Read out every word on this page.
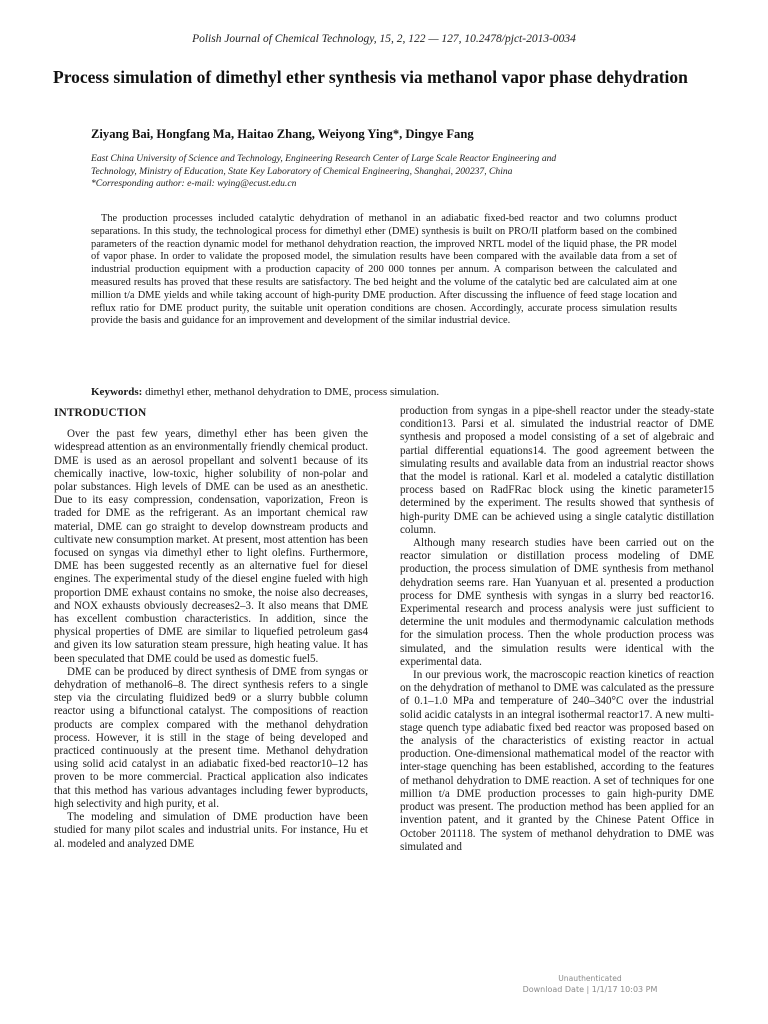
Polish Journal of Chemical Technology, 15, 2, 122 — 127, 10.2478/pjct-2013-0034
Process simulation of dimethyl ether synthesis via methanol vapor phase dehydration
Ziyang Bai, Hongfang Ma, Haitao Zhang, Weiyong Ying*, Dingye Fang
East China University of Science and Technology, Engineering Research Center of Large Scale Reactor Engineering and
Technology, Ministry of Education, State Key Laboratory of Chemical Engineering, Shanghai, 200237, China
*Corresponding author: e-mail: wying@ecust.edu.cn

The production processes included catalytic dehydration of methanol in an adiabatic fixed-bed reactor and two columns product separations. In this study, the technological process for dimethyl ether (DME) synthesis is built on PRO/II platform based on the combined parameters of the reaction dynamic model for methanol dehydration reaction, the improved NRTL model of the liquid phase, the PR model of vapor phase. In order to validate the proposed model, the simulation results have been compared with the available data from a set of industrial production equipment with a production capacity of 200 000 tonnes per annum. A comparison between the calculated and measured results has proved that these results are satisfactory. The bed height and the volume of the catalytic bed are calculated aim at one million t/a DME yields and while taking account of high-purity DME production. After discussing the influence of feed stage location and reflux ratio for DME product purity, the suitable unit operation conditions are chosen. Accordingly, accurate process simulation results provide the basis and guidance for an improvement and development of the similar industrial device.

Keywords: dimethyl ether, methanol dehydration to DME, process simulation.
INTRODUCTION

Over the past few years, dimethyl ether has been given the widespread attention as an environmentally friendly chemical product. DME is used as an aerosol propellant and solvent1 because of its chemically inactive, low-toxic, higher solubility of non-polar and polar substances. High levels of DME can be used as an anesthetic. Due to its easy compression, condensation, vaporization, Freon is traded for DME as the refrigerant. As an important chemical raw material, DME can go straight to develop downstream products and cultivate new consumption market. At present, most attention has been focused on syngas via dimethyl ether to light olefins. Furthermore, DME has been suggested recently as an alternative fuel for diesel engines. The experimental study of the diesel engine fueled with high proportion DME exhaust contains no smoke, the noise also decreases, and NOX exhausts obviously decreases2–3. It also means that DME has excellent combustion characteristics. In addition, since the physical properties of DME are similar to liquefied petroleum gas4 and given its low saturation steam pressure, high heating value. It has been speculated that DME could be used as domestic fuel5.

DME can be produced by direct synthesis of DME from syngas or dehydration of methanol6–8. The direct synthesis refers to a single step via the circulating fluidized bed9 or a slurry bubble column reactor using a bifunctional catalyst. The compositions of reaction products are complex compared with the methanol dehydration process. However, it is still in the stage of being developed and practiced continuously at the present time. Methanol dehydration using solid acid catalyst in an adiabatic fixed-bed reactor10–12 has proven to be more commercial. Practical application also indicates that this method has various advantages including fewer byproducts, high selectivity and high purity, et al.

The modeling and simulation of DME production have been studied for many pilot scales and industrial units. For instance, Hu et al. modeled and analyzed DME

production from syngas in a pipe-shell reactor under the steady-state condition13. Parsi et al. simulated the industrial reactor of DME synthesis and proposed a model consisting of a set of algebraic and partial differential equations14. The good agreement between the simulating results and available data from an industrial reactor shows that the model is rational. Karl et al. modeled a catalytic distillation process based on RadFRac block using the kinetic parameter15 determined by the experiment. The results showed that synthesis of high-purity DME can be achieved using a single catalytic distillation column.

Although many research studies have been carried out on the reactor simulation or distillation process modeling of DME production, the process simulation of DME synthesis from methanol dehydration seems rare. Han Yuanyuan et al. presented a production process for DME synthesis with syngas in a slurry bed reactor16. Experimental research and process analysis were just sufficient to determine the unit modules and thermodynamic calculation methods for the simulation process. Then the whole production process was simulated, and the simulation results were identical with the experimental data.

In our previous work, the macroscopic reaction kinetics of reaction on the dehydration of methanol to DME was calculated as the pressure of 0.1–1.0 MPa and temperature of 240–340°C over the industrial solid acidic catalysts in an integral isothermal reactor17. A new multi-stage quench type adiabatic fixed bed reactor was proposed based on the analysis of the characteristics of existing reactor in actual production. One-dimensional mathematical model of the reactor with inter-stage quenching has been established, according to the features of methanol dehydration to DME reaction. A set of techniques for one million t/a DME production processes to gain high-purity DME product was present. The production method has been applied for an invention patent, and it granted by the Chinese Patent Office in October 201118. The system of methanol dehydration to DME was simulated and

Unauthenticated
Download Date | 1/1/17 10:03 PM
